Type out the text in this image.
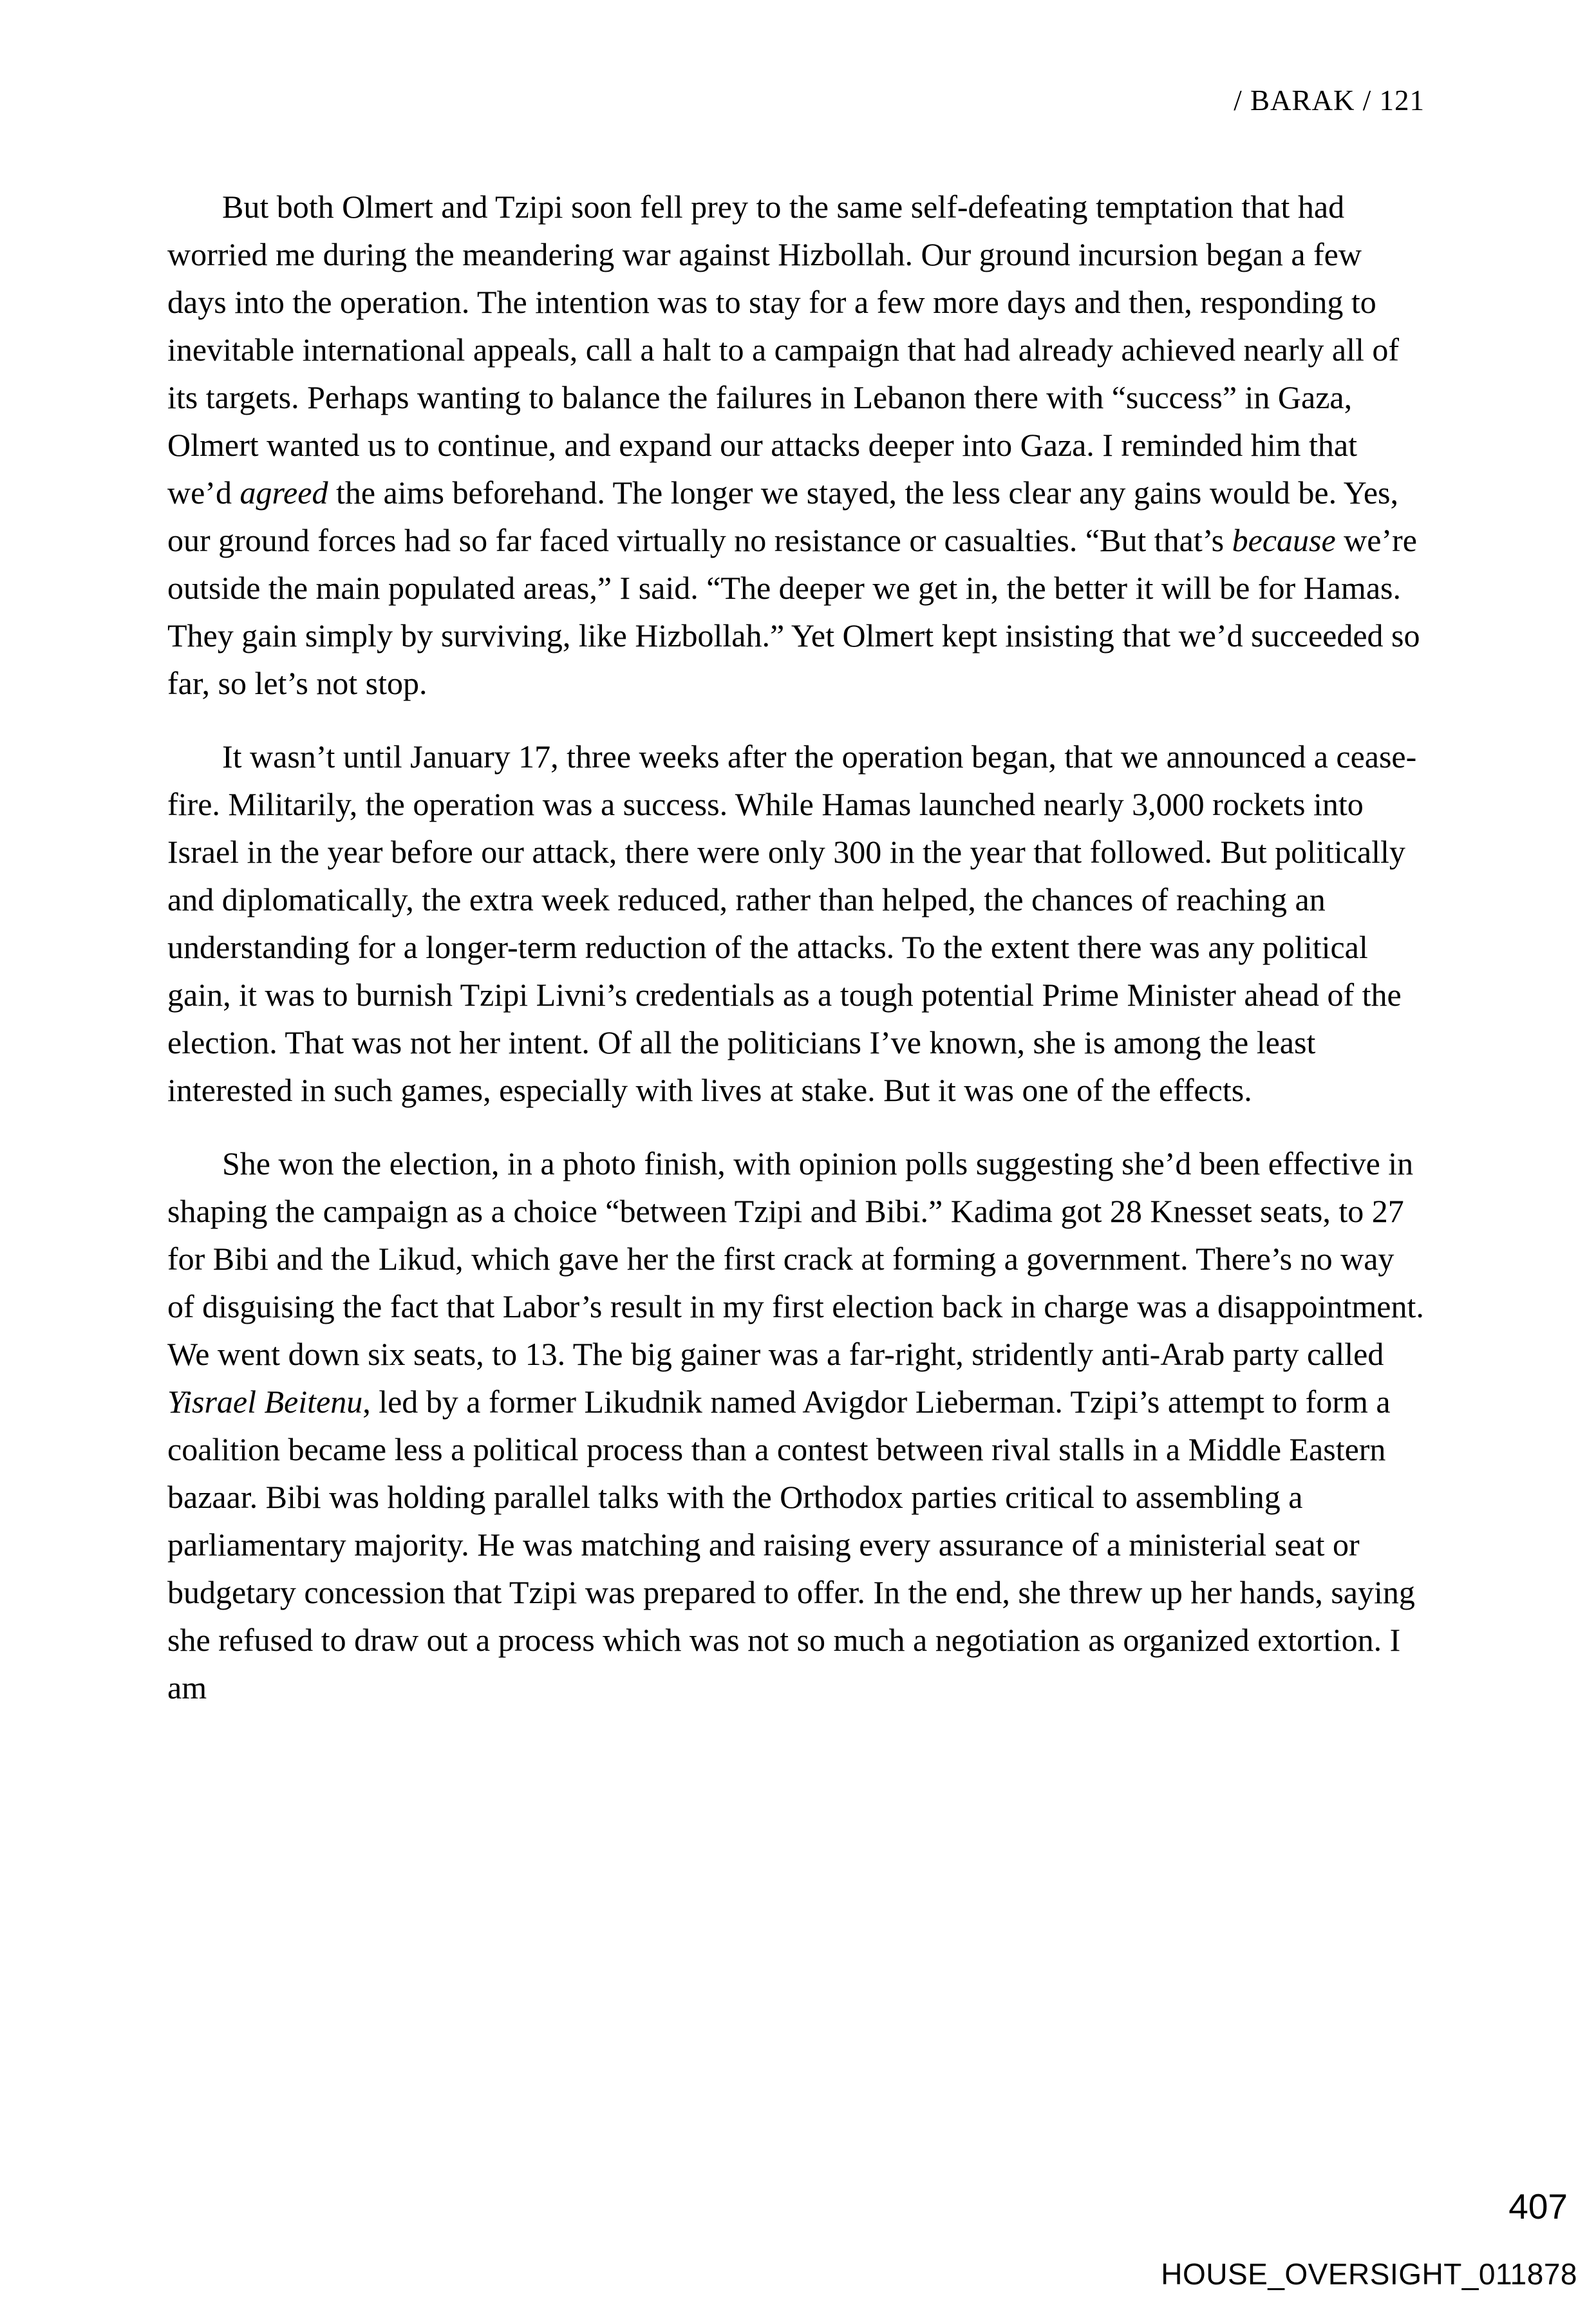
/ BARAK / 121

But both Olmert and Tzipi soon fell prey to the same self-defeating temptation that had worried me during the meandering war against Hizbollah. Our ground incursion began a few days into the operation. The intention was to stay for a few more days and then, responding to inevitable international appeals, call a halt to a campaign that had already achieved nearly all of its targets. Perhaps wanting to balance the failures in Lebanon there with “success” in Gaza, Olmert wanted us to continue, and expand our attacks deeper into Gaza. I reminded him that we’d agreed the aims beforehand. The longer we stayed, the less clear any gains would be. Yes, our ground forces had so far faced virtually no resistance or casualties. “But that’s because we’re outside the main populated areas,” I said. “The deeper we get in, the better it will be for Hamas. They gain simply by surviving, like Hizbollah.” Yet Olmert kept insisting that we’d succeeded so far, so let’s not stop.

It wasn’t until January 17, three weeks after the operation began, that we announced a cease-fire. Militarily, the operation was a success. While Hamas launched nearly 3,000 rockets into Israel in the year before our attack, there were only 300 in the year that followed. But politically and diplomatically, the extra week reduced, rather than helped, the chances of reaching an understanding for a longer-term reduction of the attacks. To the extent there was any political gain, it was to burnish Tzipi Livni’s credentials as a tough potential Prime Minister ahead of the election. That was not her intent. Of all the politicians I’ve known, she is among the least interested in such games, especially with lives at stake. But it was one of the effects.

She won the election, in a photo finish, with opinion polls suggesting she’d been effective in shaping the campaign as a choice “between Tzipi and Bibi.” Kadima got 28 Knesset seats, to 27 for Bibi and the Likud, which gave her the first crack at forming a government. There’s no way of disguising the fact that Labor’s result in my first election back in charge was a disappointment. We went down six seats, to 13. The big gainer was a far-right, stridently anti-Arab party called Yisrael Beitenu, led by a former Likudnik named Avigdor Lieberman. Tzipi’s attempt to form a coalition became less a political process than a contest between rival stalls in a Middle Eastern bazaar. Bibi was holding parallel talks with the Orthodox parties critical to assembling a parliamentary majority. He was matching and raising every assurance of a ministerial seat or budgetary concession that Tzipi was prepared to offer. In the end, she threw up her hands, saying she refused to draw out a process which was not so much a negotiation as organized extortion. I am

407
HOUSE_OVERSIGHT_011878
